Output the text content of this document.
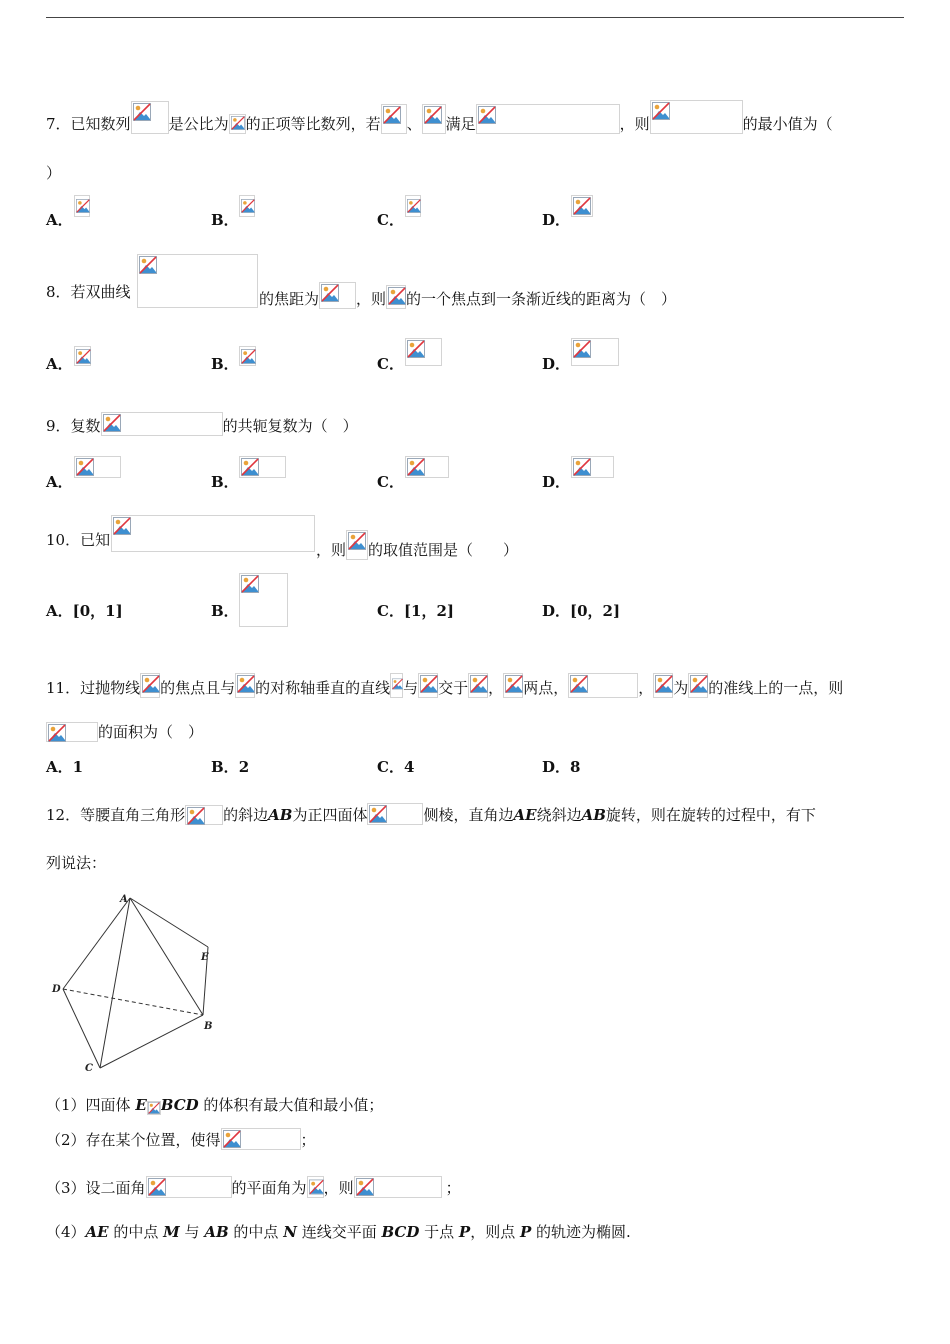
7．已知数列	是公比为 的正项等比数列，若 、 满足	，则	的最小值为（
）
A．	B．	C．	D．
8．若双曲线	的焦距为 ，则 的一个焦点到一条渐近线的距离为（　）
A．	B．	C．	D．
9．复数	的共轭复数为（　）
A．	B．	C．	D．
10．已知
，则 的取值范围是（　　）
A．[0，1]	B．	C．[1，2]	D．[0，2]
11．过抛物线 的焦点且与 的对称轴垂直的直线 与 交于 ， 两点，	， 为 的准线上的一点，则
的面积为（　）
A．1	B．2	C．4	D．8
12．等腰直角三角形	的斜边AB为正四面体	侧棱，直角边AE绕斜边AB旋转，则在旋转的过程中，有下
列说法：
A
D
E
B
C
（1）四面体 E BCD 的体积有最大值和最小值；
（2）存在某个位置，使得	；
（3）设二面角	的平面角为 ，则	；
（4）AE 的中点 M 与 AB 的中点 N 连线交平面 BCD 于点 P，则点 P 的轨迹为椭圆.
